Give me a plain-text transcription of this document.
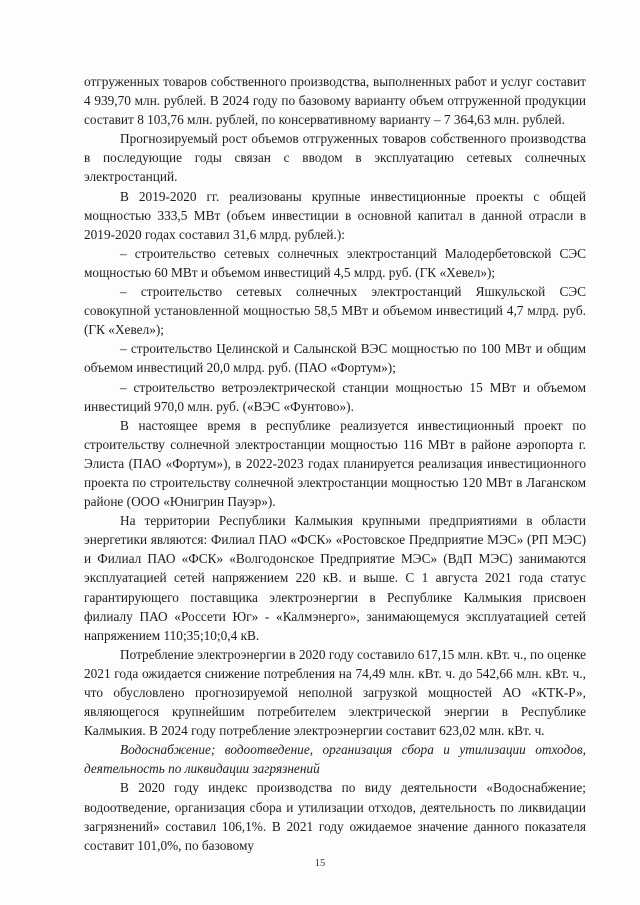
отгруженных товаров собственного производства, выполненных работ и услуг составит 4 939,70 млн. рублей. В 2024 году по базовому варианту объем отгруженной продукции составит 8 103,76 млн. рублей, по консервативному варианту – 7 364,63 млн. рублей.

Прогнозируемый рост объемов отгруженных товаров собственного производства в последующие годы связан с вводом в эксплуатацию сетевых солнечных электростанций.

В 2019-2020 гг. реализованы крупные инвестиционные проекты с общей мощностью 333,5 МВт (объем инвестиции в основной капитал в данной отрасли в 2019-2020 годах составил 31,6 млрд. рублей.):

– строительство сетевых солнечных электростанций Малодербетовской СЭС мощностью 60 МВт и объемом инвестиций 4,5 млрд. руб. (ГК «Хевел»);

– строительство сетевых солнечных электростанций Яшкульской СЭС совокупной установленной мощностью 58,5 МВт и объемом инвестиций 4,7 млрд. руб. (ГК «Хевел»);

– строительство Целинской и Салынской ВЭС мощностью по 100 МВт и общим объемом инвестиций 20,0 млрд. руб. (ПАО «Фортум»);

– строительство ветроэлектрической станции мощностью 15 МВт и объемом инвестиций 970,0 млн. руб. («ВЭС «Фунтово»).

В настоящее время в республике реализуется инвестиционный проект по строительству солнечной электростанции мощностью 116 МВт в районе аэропорта г. Элиста (ПАО «Фортум»), в 2022-2023 годах планируется реализация инвестиционного проекта по строительству солнечной электростанции мощностью 120 МВт в Лаганском районе (ООО «Юнигрин Пауэр»).

На территории Республики Калмыкия крупными предприятиями в области энергетики являются: Филиал ПАО «ФСК» «Ростовское Предприятие МЭС» (РП МЭС) и Филиал ПАО «ФСК» «Волгодонское Предприятие МЭС» (ВдП МЭС) занимаются эксплуатацией сетей напряжением 220 кВ. и выше. С 1 августа 2021 года статус гарантирующего поставщика электроэнергии в Республике Калмыкия присвоен филиалу ПАО «Россети Юг» - «Калмэнерго», занимающемуся эксплуатацией сетей напряжением 110;35;10;0,4 кВ.

Потребление электроэнергии в 2020 году составило 617,15 млн. кВт. ч., по оценке 2021 года ожидается снижение потребления на 74,49 млн. кВт. ч. до 542,66 млн. кВт. ч., что обусловлено прогнозируемой неполной загрузкой мощностей АО «КТК-Р», являющегося крупнейшим потребителем электрической энергии в Республике Калмыкия. В 2024 году потребление электроэнергии составит 623,02 млн. кВт. ч.

Водоснабжение; водоотведение, организация сбора и утилизации отходов, деятельность по ликвидации загрязнений

В 2020 году индекс производства по виду деятельности «Водоснабжение; водоотведение, организация сбора и утилизации отходов, деятельность по ликвидации загрязнений» составил 106,1%. В 2021 году ожидаемое значение данного показателя составит 101,0%, по базовому

15
